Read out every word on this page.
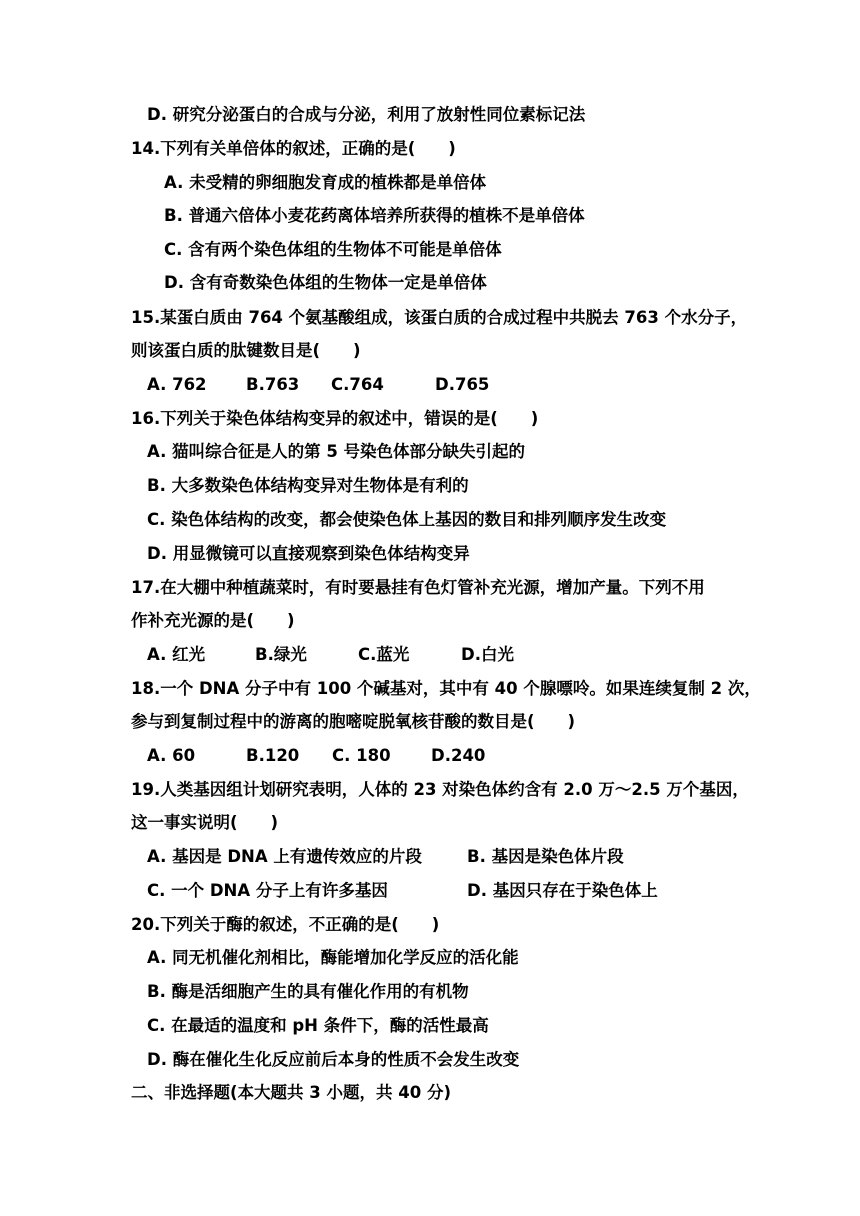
D. 研究分泌蛋白的合成与分泌，利用了放射性同位素标记法
14.下列有关单倍体的叙述，正确的是(　　)
A. 未受精的卵细胞发育成的植株都是单倍体
B. 普通六倍体小麦花药离体培养所获得的植株不是单倍体
C. 含有两个染色体组的生物体不可能是单倍体
D. 含有奇数染色体组的生物体一定是单倍体
15.某蛋白质由 764 个氨基酸组成，该蛋白质的合成过程中共脱去 763 个水分子，
则该蛋白质的肽键数目是(　　)
A. 762 B.763 C.764	D.765
16.下列关于染色体结构变异的叙述中，错误的是(　　)
A. 猫叫综合征是人的第 5 号染色体部分缺失引起的
B. 大多数染色体结构变异对生物体是有利的
C. 染色体结构的改变，都会使染色体上基因的数目和排列顺序发生改变
D. 用显微镜可以直接观察到染色体结构变异
17.在大棚中种植蔬菜时，有时要悬挂有色灯管补充光源，增加产量。下列不用
作补充光源的是(　　)
A. 红光	B.绿光	C.蓝光	D.白光
18.一个 DNA 分子中有 100 个碱基对，其中有 40 个腺嘌呤。如果连续复制 2 次，
参与到复制过程中的游离的胞嘧啶脱氧核苷酸的数目是(　　)
A. 60	B.120 C. 180 D.240
19.人类基因组计划研究表明，人体的 23 对染色体约含有 2.0 万～2.5 万个基因，
这一事实说明(　　)
A. 基因是 DNA 上有遗传效应的片段	B. 基因是染色体片段
C. 一个 DNA 分子上有许多基因	D. 基因只存在于染色体上
20.下列关于酶的叙述，不正确的是(　　)
A. 同无机催化剂相比，酶能增加化学反应的活化能
B. 酶是活细胞产生的具有催化作用的有机物
C. 在最适的温度和 pH 条件下，酶的活性最高
D. 酶在催化生化反应前后本身的性质不会发生改变
二、非选择题(本大题共 3 小题，共 40 分)
